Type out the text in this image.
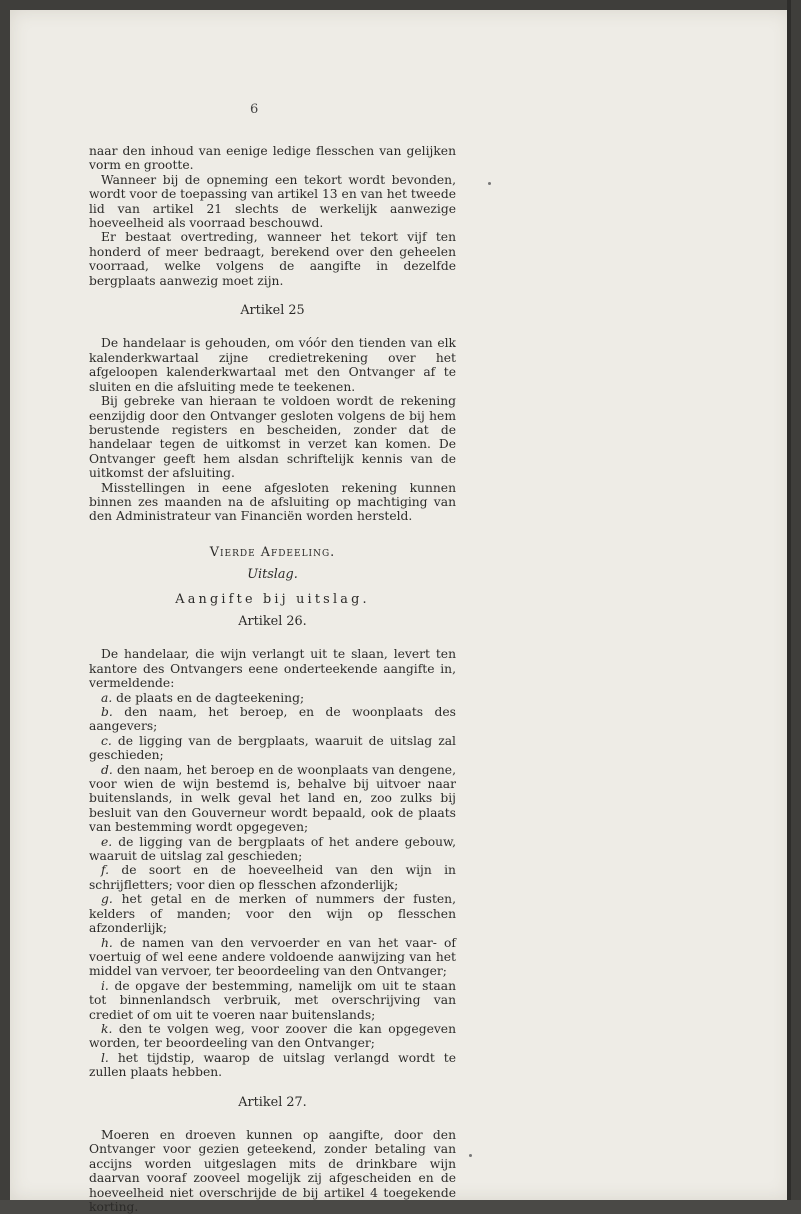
6

naar den inhoud van eenige ledige flesschen van gelijken vorm en grootte.

Wanneer bij de opneming een tekort wordt bevonden, wordt voor de toepassing van artikel 13 en van het tweede lid van artikel 21 slechts de werkelijk aanwezige hoeveelheid als voorraad beschouwd.

Er bestaat overtreding, wanneer het tekort vijf ten honderd of meer bedraagt, berekend over den geheelen voorraad, welke volgens de aangifte in dezelfde bergplaats aanwezig moet zijn.

Artikel 25

De handelaar is gehouden, om vóór den tienden van elk kalenderkwartaal zijne credietrekening over het afgeloopen kalenderkwartaal met den Ontvanger af te sluiten en die afsluiting mede te teekenen.

Bij gebreke van hieraan te voldoen wordt de rekening eenzijdig door den Ontvanger gesloten volgens de bij hem berustende registers en bescheiden, zonder dat de handelaar tegen de uitkomst in verzet kan komen. De Ontvanger geeft hem alsdan schriftelijk kennis van de uitkomst der afsluiting.

Misstellingen in eene afgesloten rekening kunnen binnen zes maanden na de afsluiting op machtiging van den Administrateur van Financiën worden hersteld.

Vierde Afdeeling.
Uitslag.
Aangifte bij uitslag.
Artikel 26.

De handelaar, die wijn verlangt uit te slaan, levert ten kantore des Ontvangers eene onderteekende aangifte in, vermeldende:

a. de plaats en de dagteekening;

b. den naam, het beroep, en de woonplaats des aangevers;

c. de ligging van de bergplaats, waaruit de uitslag zal geschieden;

d. den naam, het beroep en de woonplaats van dengene, voor wien de wijn bestemd is, behalve bij uitvoer naar buitenslands, in welk geval het land en, zoo zulks bij besluit van den Gouverneur wordt bepaald, ook de plaats van bestemming wordt opgegeven;

e. de ligging van de bergplaats of het andere gebouw, waaruit de uitslag zal geschieden;

f. de soort en de hoeveelheid van den wijn in schrijfletters; voor dien op flesschen afzonderlijk;

g. het getal en de merken of nummers der fusten, kelders of manden; voor den wijn op flesschen afzonderlijk;

h. de namen van den vervoerder en van het vaar- of voertuig of wel eene andere voldoende aanwijzing van het middel van vervoer, ter beoordeeling van den Ontvanger;

i. de opgave der bestemming, namelijk om uit te staan tot binnenlandsch verbruik, met overschrijving van crediet of om uit te voeren naar buitenslands;

k. den te volgen weg, voor zoover die kan opgegeven worden, ter beoordeeling van den Ontvanger;

l. het tijdstip, waarop de uitslag verlangd wordt te zullen plaats hebben.

Artikel 27.

Moeren en droeven kunnen op aangifte, door den Ontvanger voor gezien geteekend, zonder betaling van accijns worden uitgeslagen mits de drinkbare wijn daarvan vooraf zooveel mogelijk zij afgescheiden en de hoeveelheid niet overschrijde de bij artikel 4 toegekende korting.
